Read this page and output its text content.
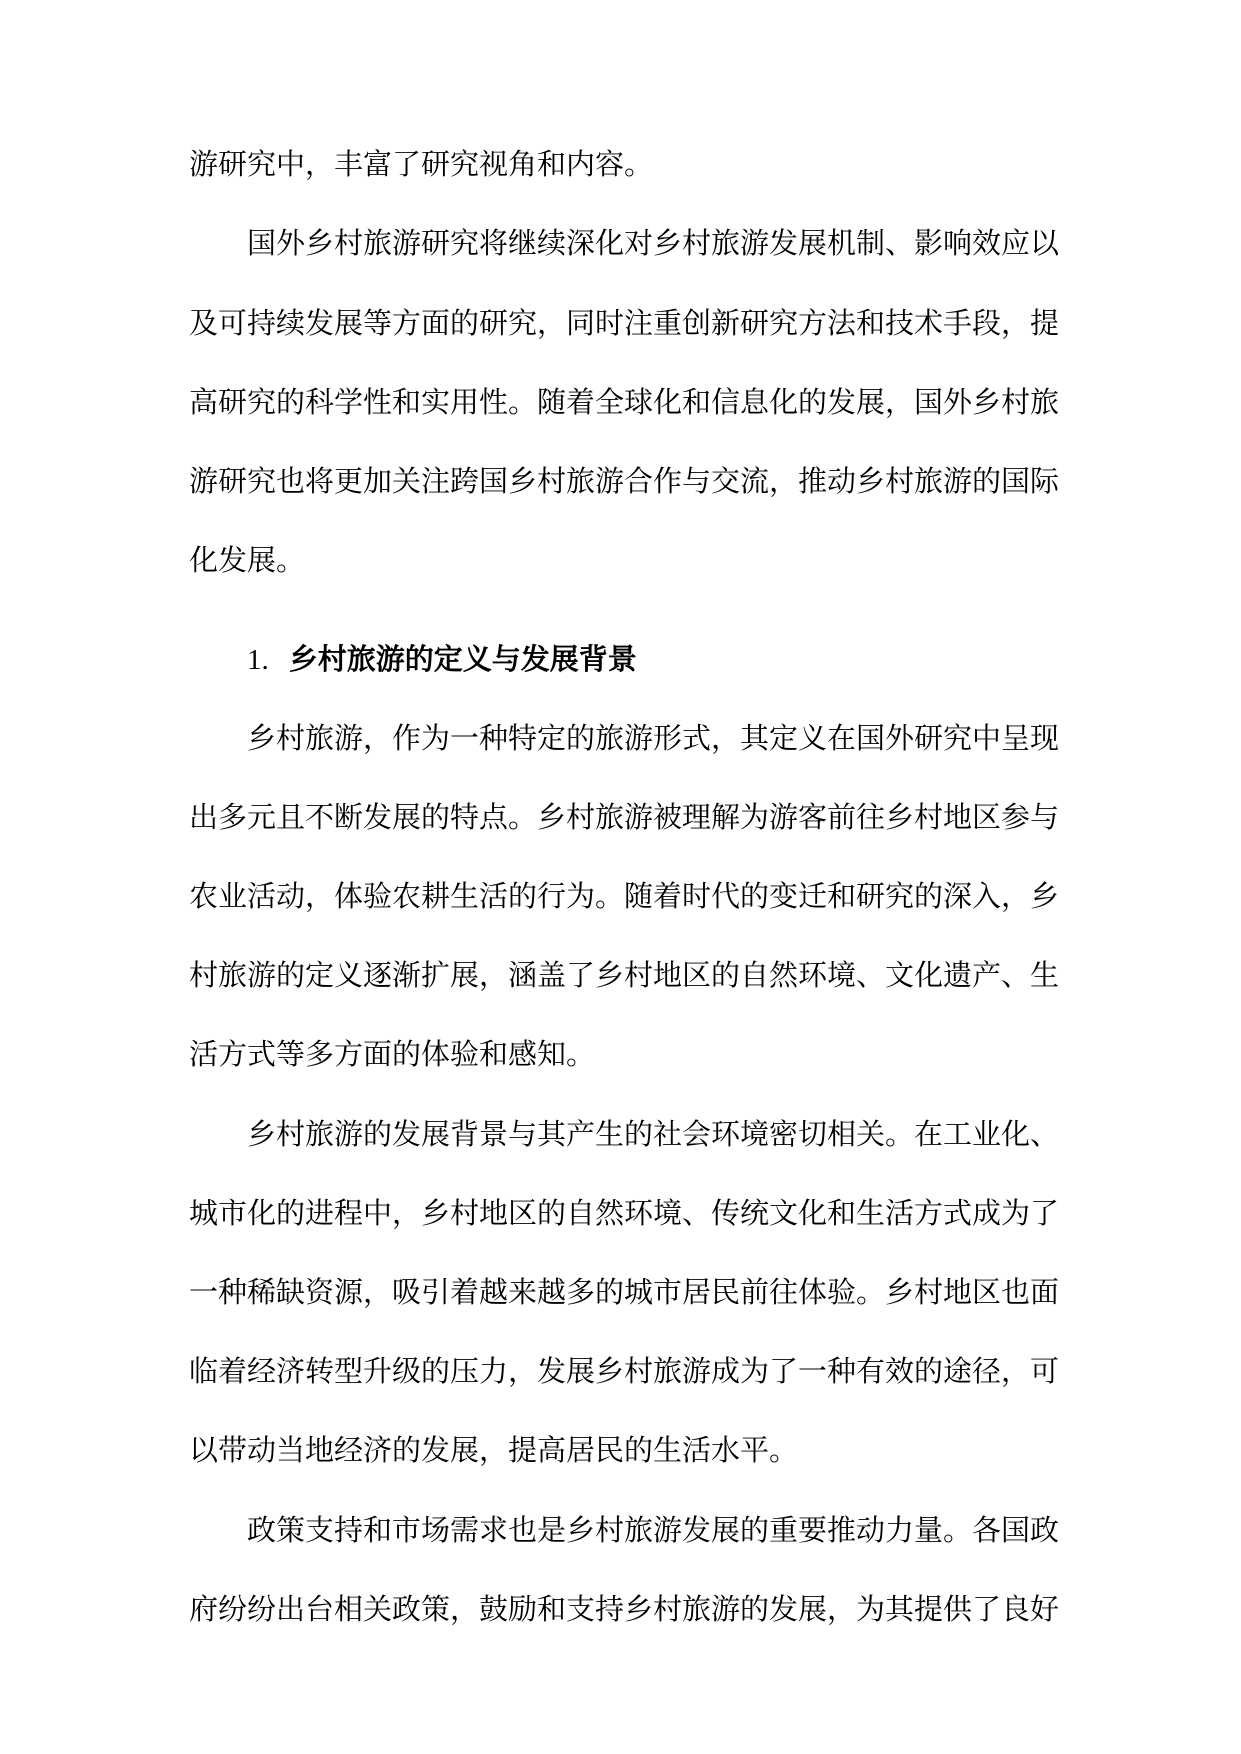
游研究中，丰富了研究视角和内容。

国外乡村旅游研究将继续深化对乡村旅游发展机制、影响效应以

及可持续发展等方面的研究，同时注重创新研究方法和技术手段，提

高研究的科学性和实用性。随着全球化和信息化的发展，国外乡村旅

游研究也将更加关注跨国乡村旅游合作与交流，推动乡村旅游的国际

化发展。

1. 乡村旅游的定义与发展背景

乡村旅游，作为一种特定的旅游形式，其定义在国外研究中呈现

出多元且不断发展的特点。乡村旅游被理解为游客前往乡村地区参与

农业活动，体验农耕生活的行为。随着时代的变迁和研究的深入，乡

村旅游的定义逐渐扩展，涵盖了乡村地区的自然环境、文化遗产、生

活方式等多方面的体验和感知。

乡村旅游的发展背景与其产生的社会环境密切相关。在工业化、

城市化的进程中，乡村地区的自然环境、传统文化和生活方式成为了

一种稀缺资源，吸引着越来越多的城市居民前往体验。乡村地区也面

临着经济转型升级的压力，发展乡村旅游成为了一种有效的途径，可

以带动当地经济的发展，提高居民的生活水平。

政策支持和市场需求也是乡村旅游发展的重要推动力量。各国政

府纷纷出台相关政策，鼓励和支持乡村旅游的发展，为其提供了良好
